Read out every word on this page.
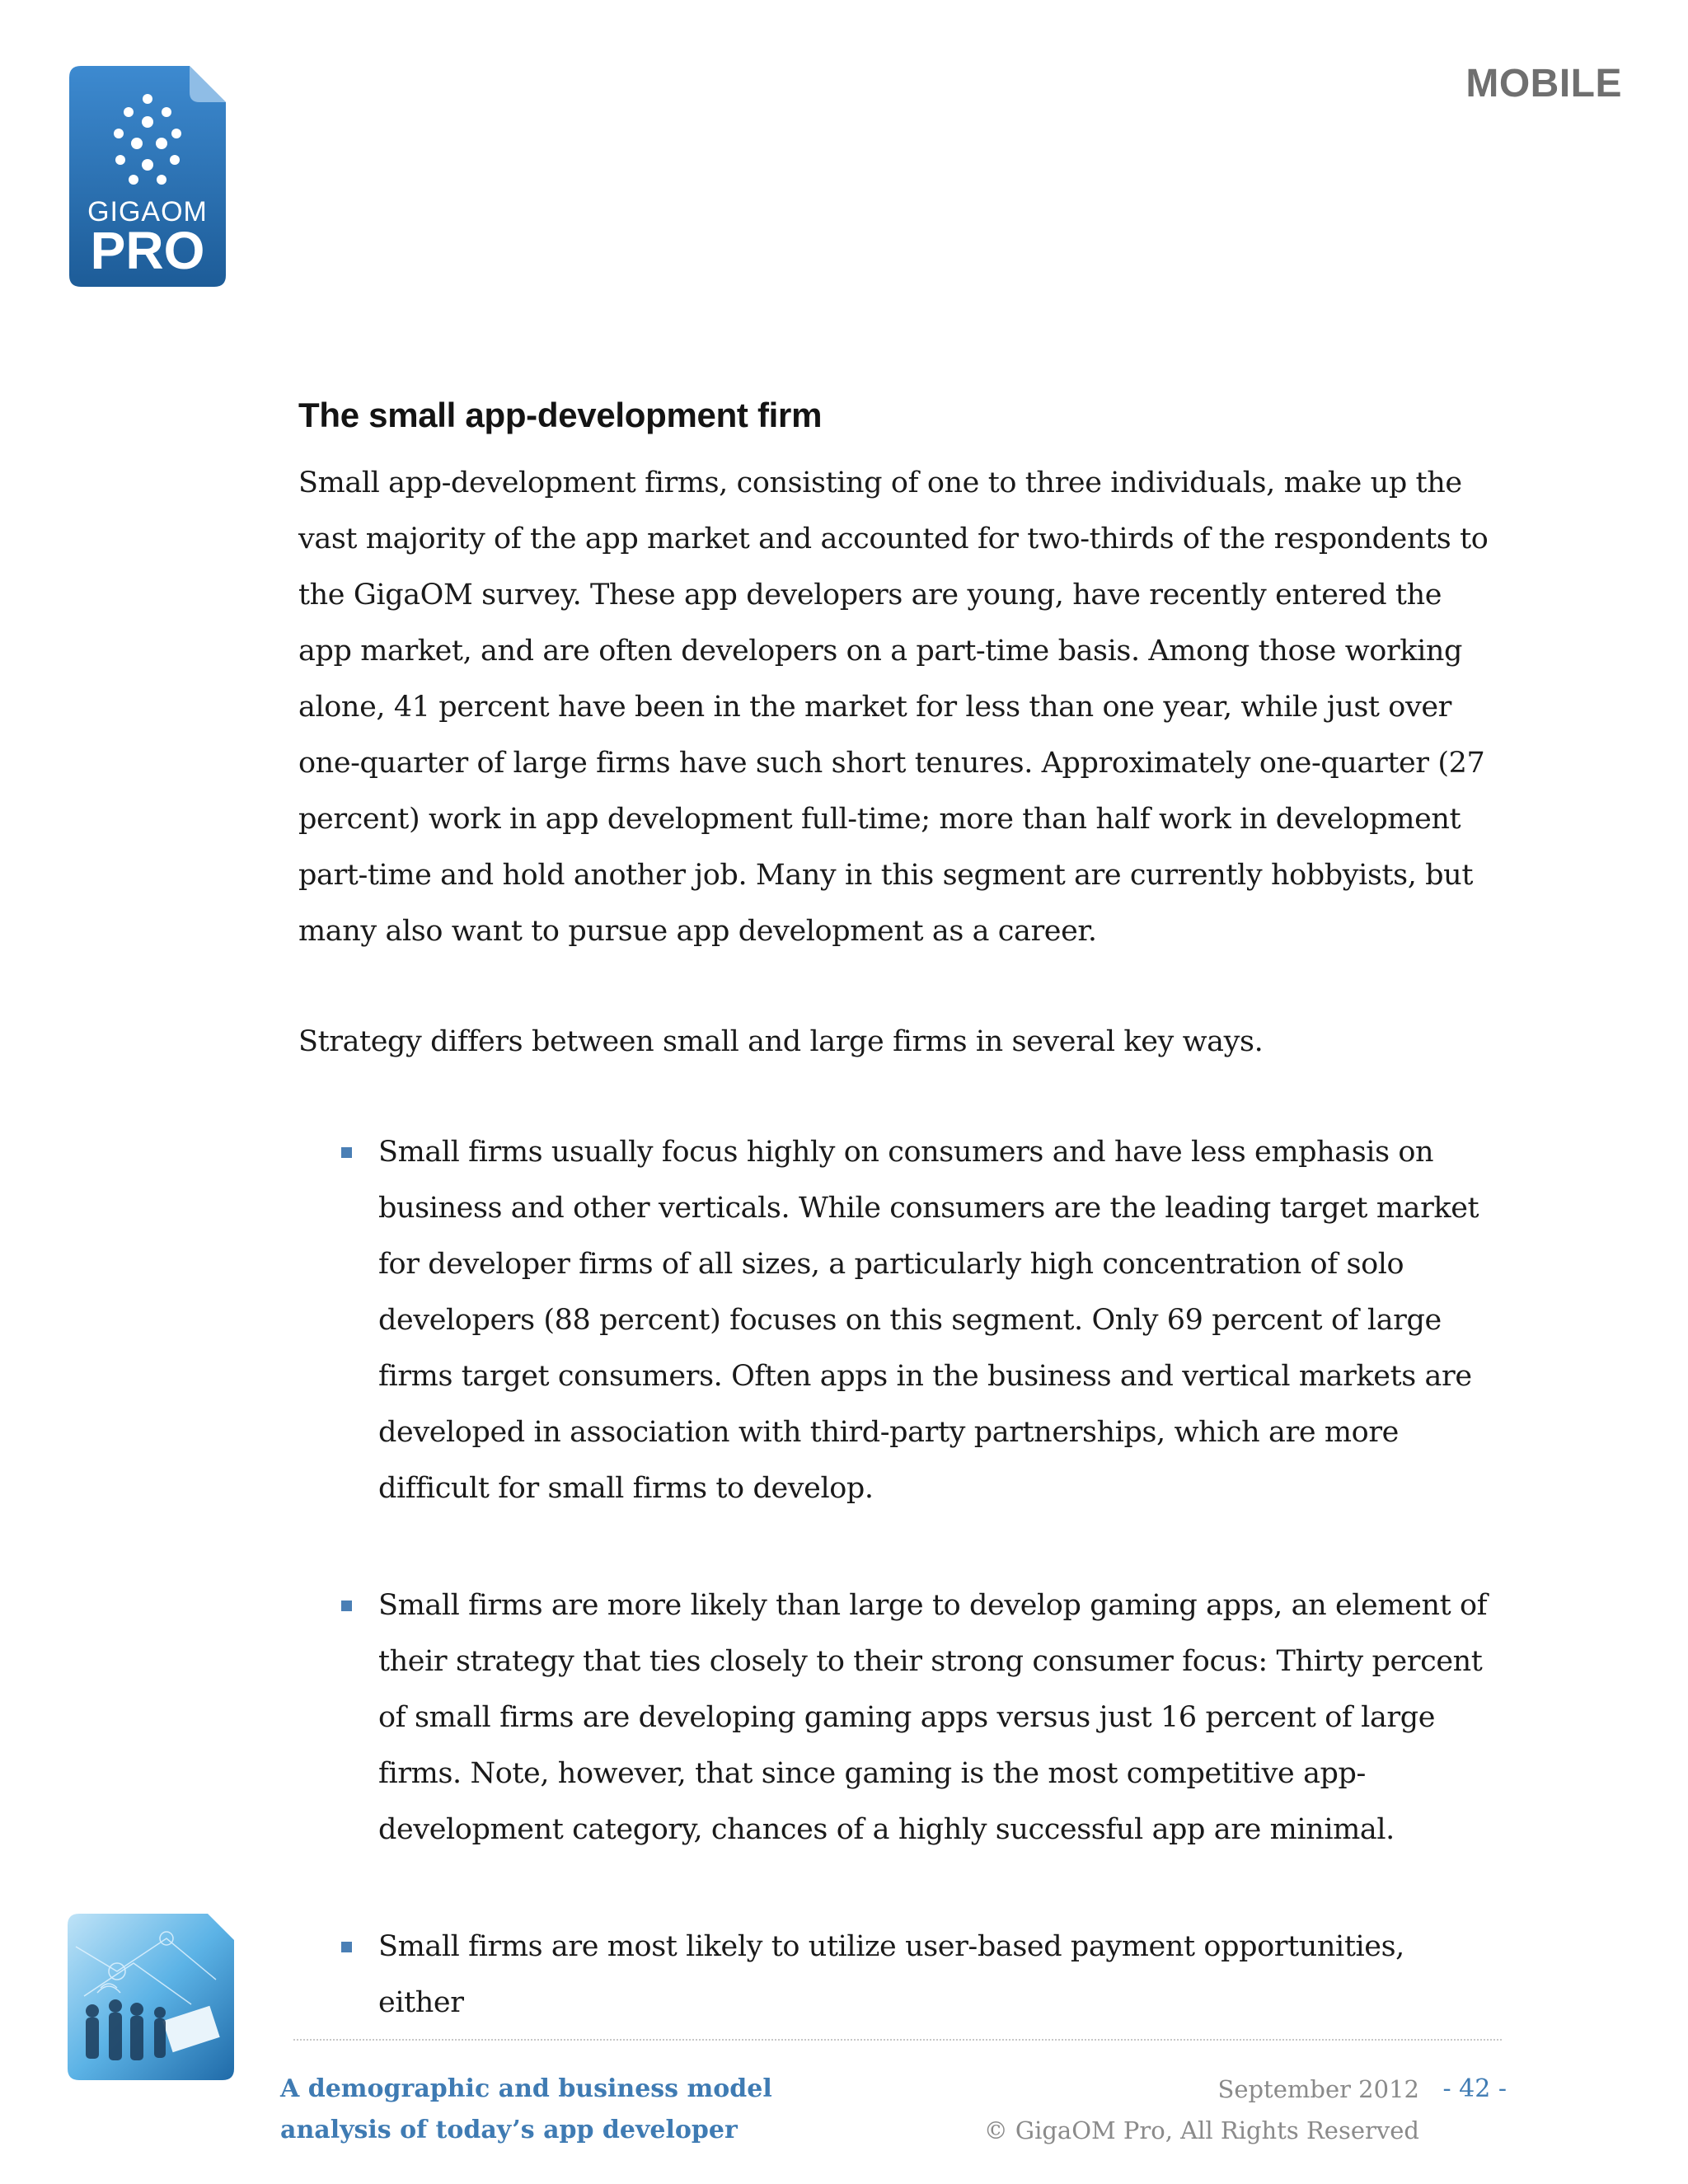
GIGAOM
PRO
MOBILE
The small app-development firm

Small app-development firms, consisting of one to three individuals, make up the vast majority of the app market and accounted for two-thirds of the respondents to the GigaOM survey. These app developers are young, have recently entered the app market, and are often developers on a part-time basis. Among those working alone, 41 percent have been in the market for less than one year, while just over one-quarter of large firms have such short tenures. Approximately one-quarter (27 percent) work in app development full-time; more than half work in development part-time and hold another job. Many in this segment are currently hobbyists, but many also want to pursue app development as a career.

Strategy differs between small and large firms in several key ways.

Small firms usually focus highly on consumers and have less emphasis on business and other verticals. While consumers are the leading target market for developer firms of all sizes, a particularly high concentration of solo developers (88 percent) focuses on this segment. Only 69 percent of large firms target consumers. Often apps in the business and vertical markets are developed in association with third-party partnerships, which are more difficult for small firms to develop.
Small firms are more likely than large to develop gaming apps, an element of their strategy that ties closely to their strong consumer focus: Thirty percent of small firms are developing gaming apps versus just 16 percent of large firms. Note, however, that since gaming is the most competitive app-development category, chances of a highly successful app are minimal.
Small firms are most likely to utilize user-based payment opportunities, either
A demographic and business model
analysis of today’s app developer
September 2012
© GigaOM Pro, All Rights Reserved
- 42 -
